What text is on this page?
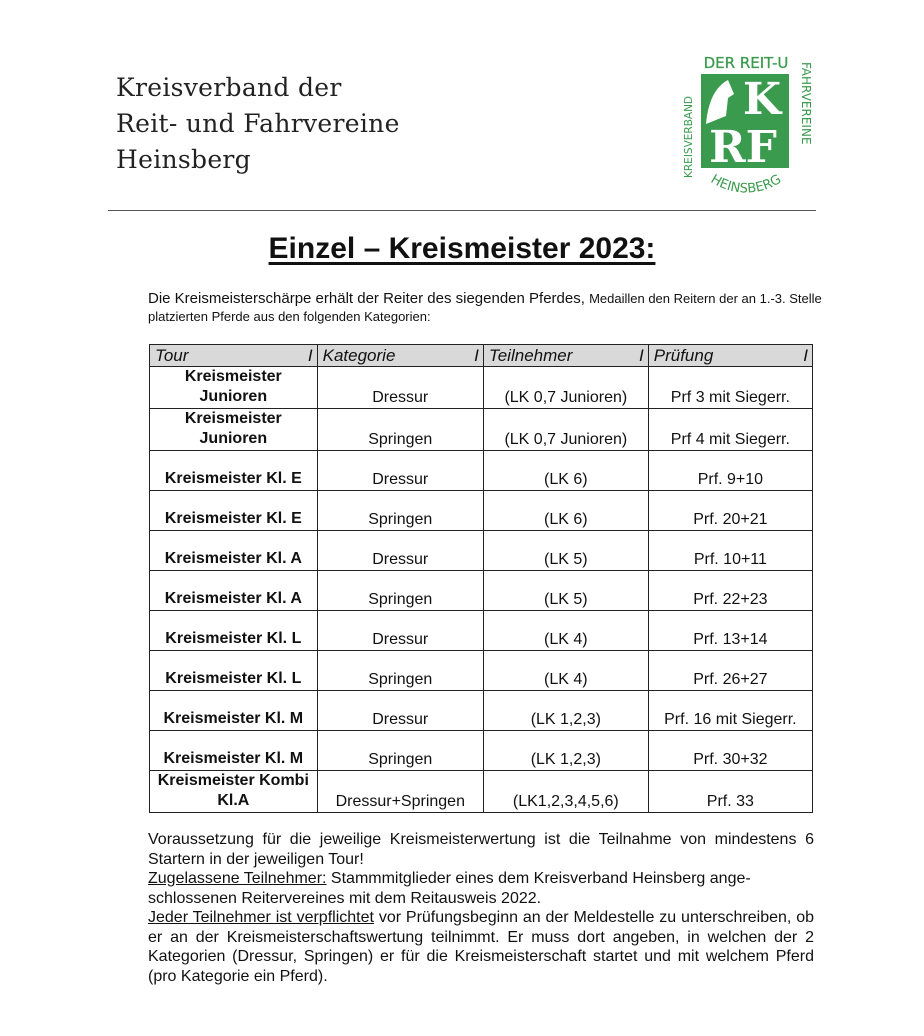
Kreisverband der
Reit- und Fahrvereine
Heinsberg
DER REIT-U
KREISVERBAND	FAHRVEREINE
K
RF
HEINSBERG
Einzel – Kreismeister 2023:
Die Kreismeisterschärpe erhält der Reiter des siegenden Pferdes, Medaillen den Reitern der an 1.-3. Stelle platzierten Pferde aus den folgenden Kategorien:
Tour I	Kategorie I	Teilnehmer I	Prüfung I

Kreismeister Junioren	Dressur	(LK 0,7 Junioren)	Prf 3 mit Siegerr.
Kreismeister Junioren	Springen	(LK 0,7 Junioren)	Prf 4 mit Siegerr.
Kreismeister Kl. E	Dressur	(LK 6)	Prf. 9+10
Kreismeister Kl. E	Springen	(LK 6)	Prf. 20+21
Kreismeister Kl. A	Dressur	(LK 5)	Prf. 10+11
Kreismeister Kl. A	Springen	(LK 5)	Prf. 22+23
Kreismeister Kl. L	Dressur	(LK 4)	Prf. 13+14
Kreismeister Kl. L	Springen	(LK 4)	Prf. 26+27
Kreismeister Kl. M	Dressur	(LK 1,2,3)	Prf. 16 mit Siegerr.
Kreismeister Kl. M	Springen	(LK 1,2,3)	Prf. 30+32
Kreismeister Kombi Kl.A	Dressur+Springen	(LK1,2,3,4,5,6)	Prf. 33

Voraussetzung für die jeweilige Kreismeisterwertung ist die Teilnahme von mindestens 6 Startern in der jeweiligen Tour!

Zugelassene Teilnehmer: Stammmitglieder eines dem Kreisverband Heinsberg ange-schlossenen Reitervereines mit dem Reitausweis 2022.

Jeder Teilnehmer ist verpflichtet vor Prüfungsbeginn an der Meldestelle zu unterschreiben, ob er an der Kreismeisterschaftswertung teilnimmt. Er muss dort angeben, in welchen der 2 Kategorien (Dressur, Springen) er für die Kreismeisterschaft startet und mit welchem Pferd (pro Kategorie ein Pferd).
